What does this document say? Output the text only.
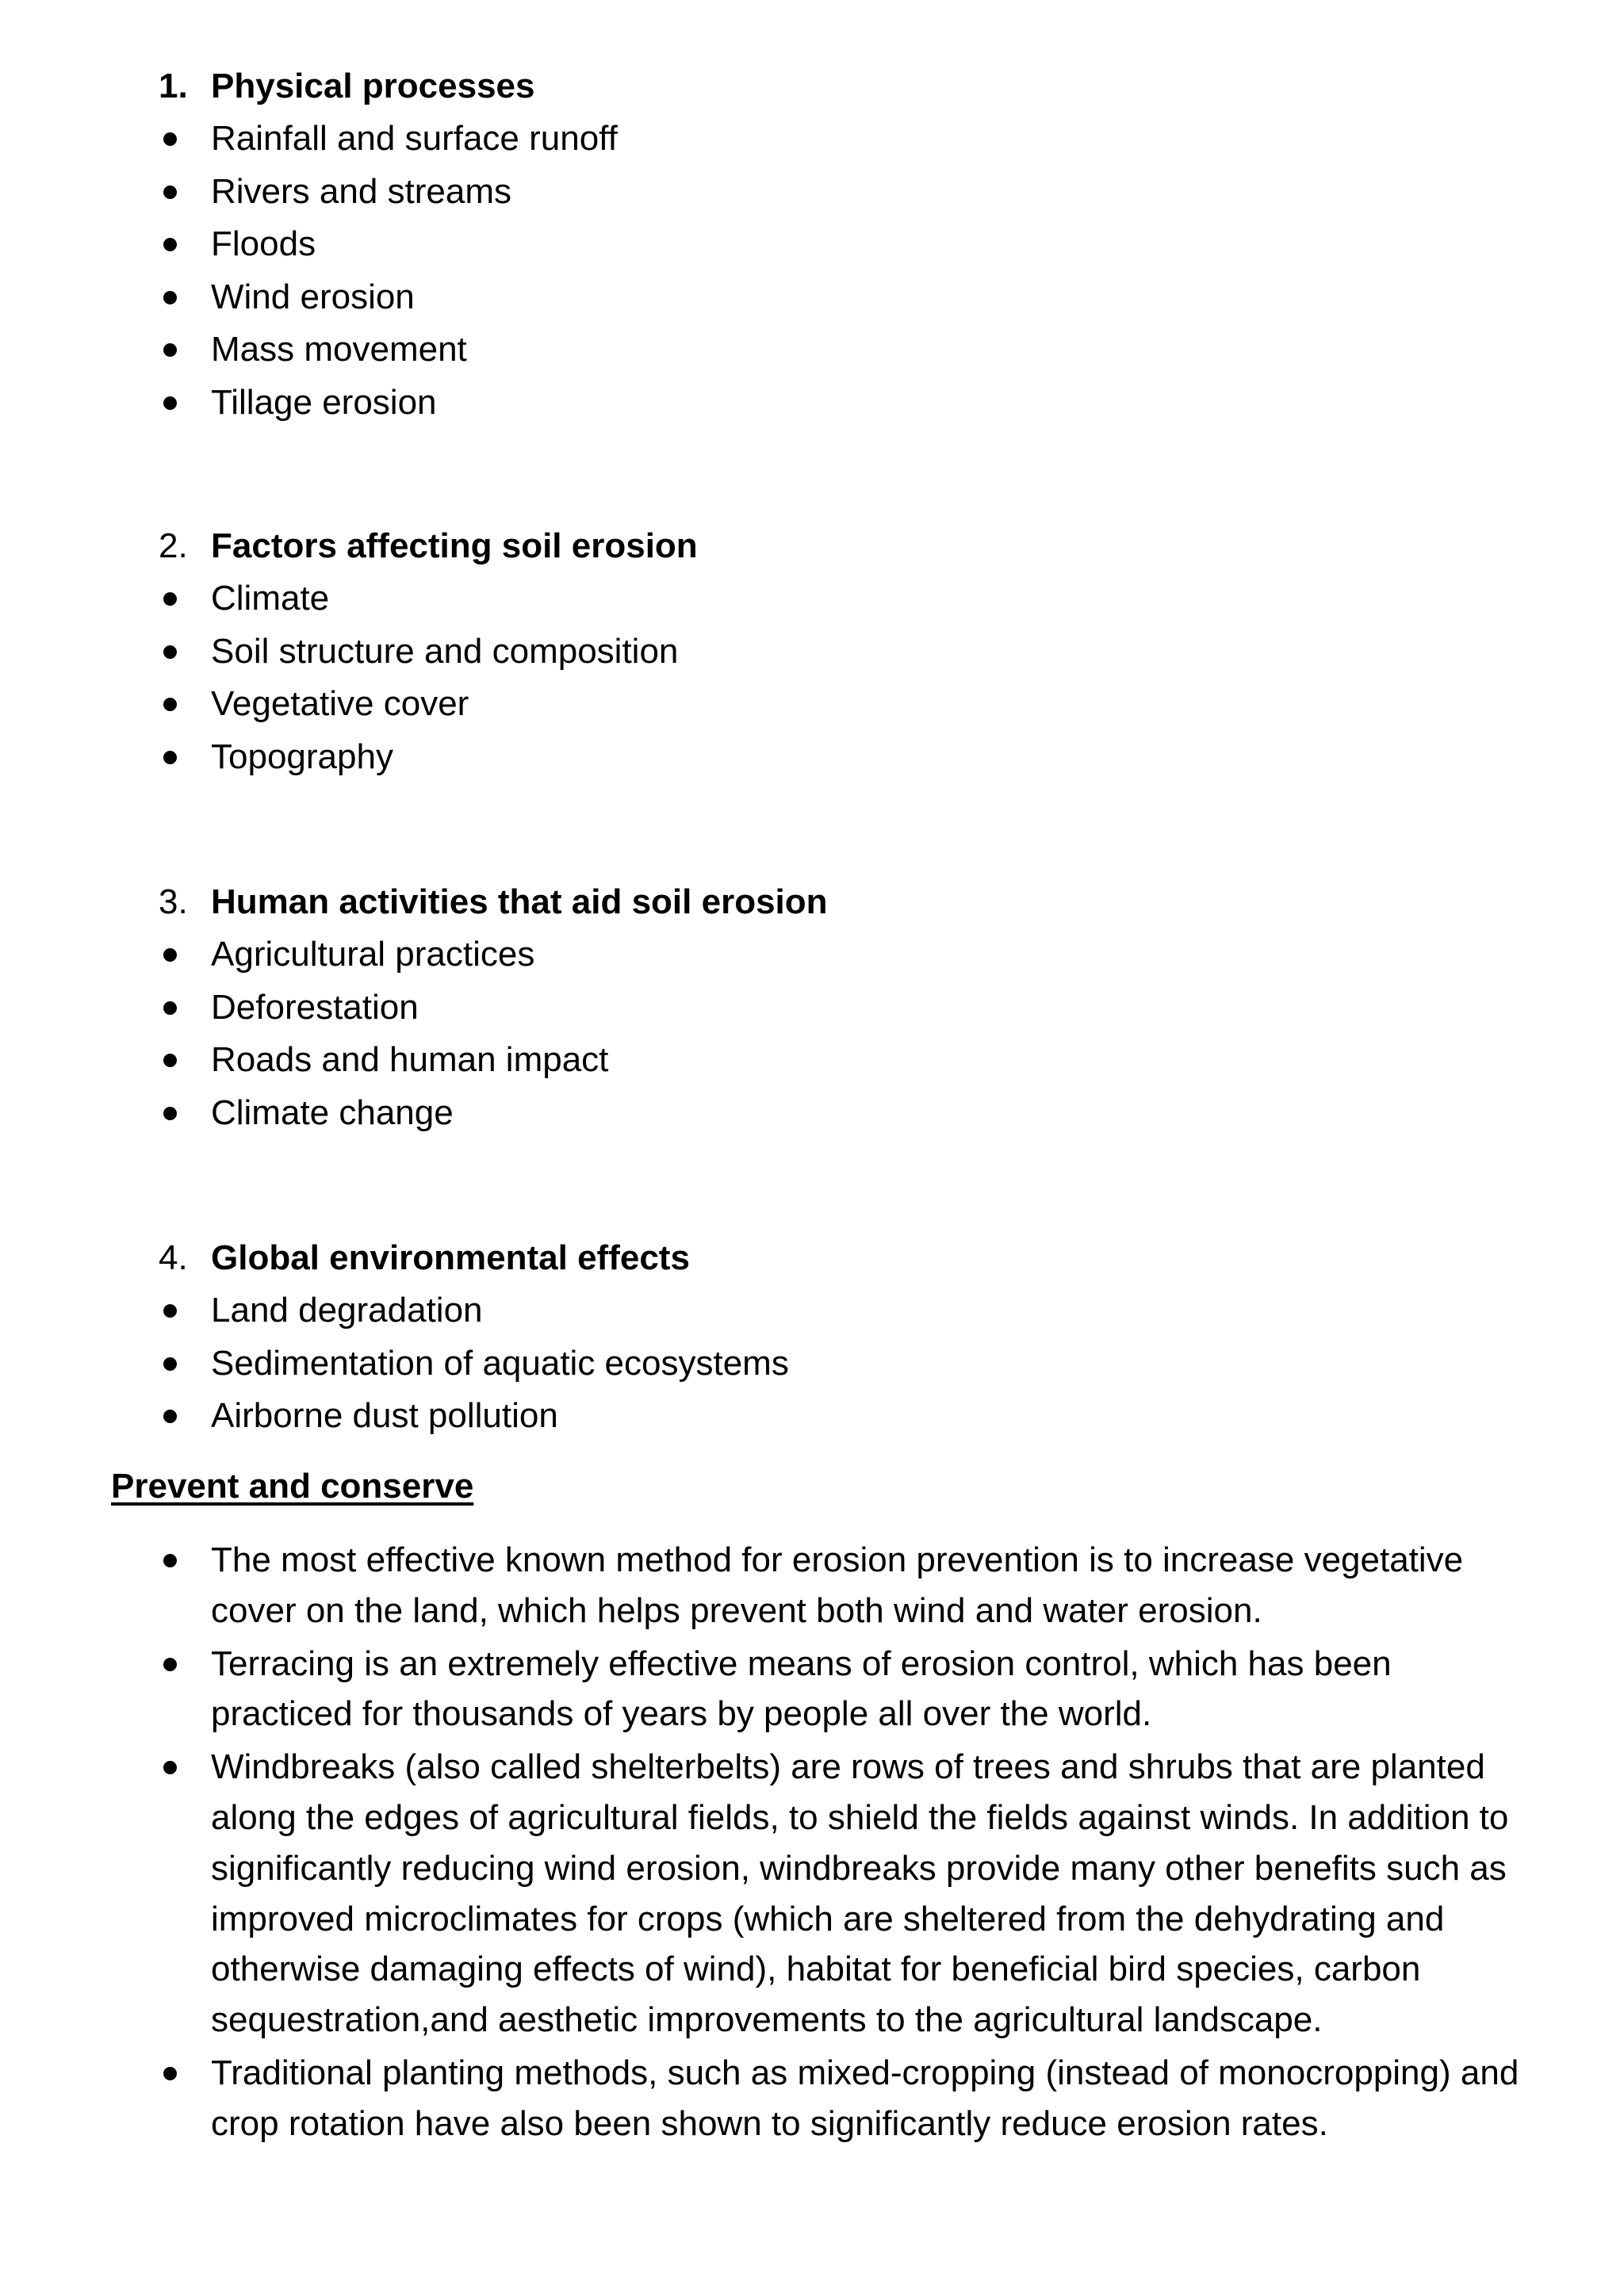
1. Physical processes
Rainfall and surface runoff
Rivers and streams
Floods
Wind erosion
Mass movement
Tillage erosion
2. Factors affecting soil erosion
Climate
Soil structure and composition
Vegetative cover
Topography
3. Human activities that aid soil erosion
Agricultural practices
Deforestation
Roads and human impact
Climate change
4. Global environmental effects
Land degradation
Sedimentation of aquatic ecosystems
Airborne dust pollution
Prevent and conserve
The most effective known method for erosion prevention is to increase vegetative cover on the land, which helps prevent both wind and water erosion.
Terracing is an extremely effective means of erosion control, which has been practiced for thousands of years by people all over the world.
Windbreaks (also called shelterbelts) are rows of trees and shrubs that are planted along the edges of agricultural fields, to shield the fields against winds. In addition to significantly reducing wind erosion, windbreaks provide many other benefits such as improved microclimates for crops (which are sheltered from the dehydrating and otherwise damaging effects of wind), habitat for beneficial bird species, carbon sequestration,and aesthetic improvements to the agricultural landscape.
Traditional planting methods, such as mixed-cropping (instead of monocropping) and crop rotation have also been shown to significantly reduce erosion rates.
